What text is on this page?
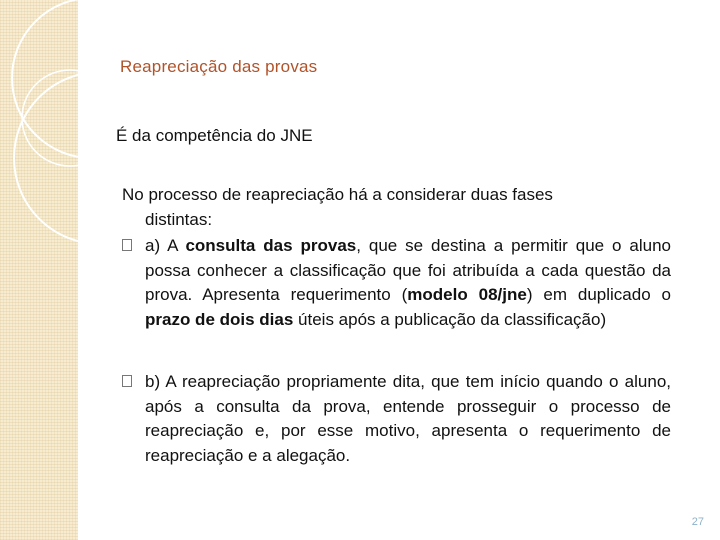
Reapreciação das provas
É da competência do JNE

No processo de reapreciação há a considerar duas fases
distintas:

a) A consulta das provas, que se destina a permitir que o aluno possa conhecer a classificação que foi atribuída a cada questão da prova. Apresenta requerimento (modelo 08/jne) em duplicado o prazo de dois dias úteis após a publicação da classificação)
b) A reapreciação propriamente dita, que tem início quando o aluno, após a consulta da prova, entende prosseguir o processo de reapreciação e, por esse motivo, apresenta o requerimento de reapreciação e a alegação.
27
